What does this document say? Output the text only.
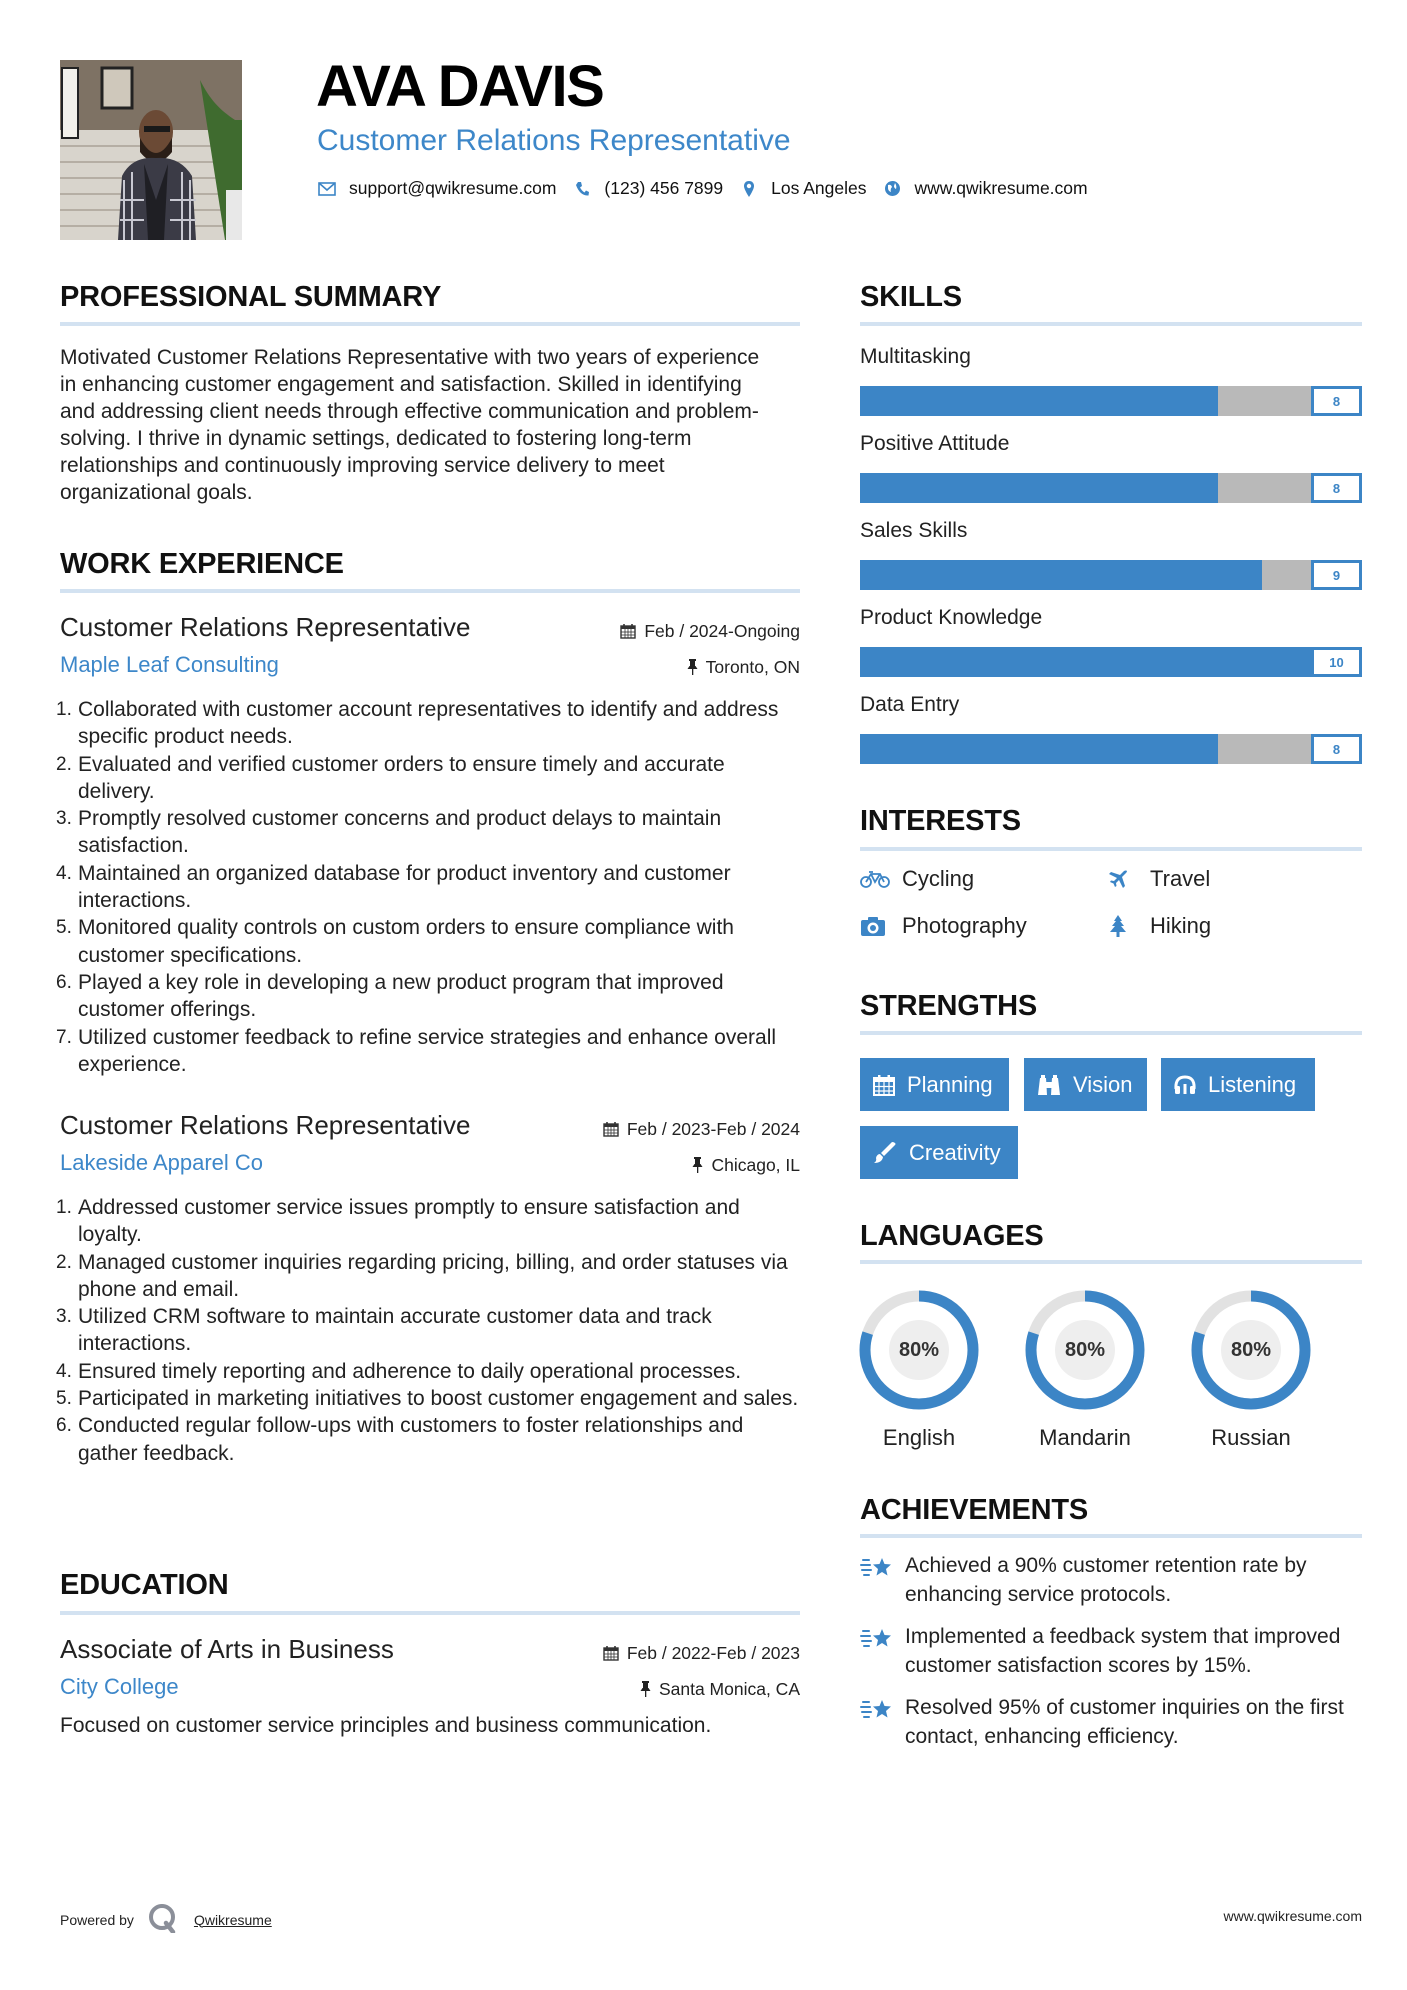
AVA DAVIS
Customer Relations Representative
support@qwikresume.com	(123) 456 7899	Los Angeles	www.qwikresume.com
PROFESSIONAL SUMMARY
Motivated Customer Relations Representative with two years of experience in enhancing customer engagement and satisfaction. Skilled in identifying and addressing client needs through effective communication and problem-solving. I thrive in dynamic settings, dedicated to fostering long-term relationships and continuously improving service delivery to meet organizational goals.
WORK EXPERIENCE
Customer Relations Representative	Feb / 2024-Ongoing
Maple Leaf Consulting	Toronto, ON
1. Collaborated with customer account representatives to identify and address specific product needs.
2. Evaluated and verified customer orders to ensure timely and accurate delivery.
3. Promptly resolved customer concerns and product delays to maintain satisfaction.
4. Maintained an organized database for product inventory and customer interactions.
5. Monitored quality controls on custom orders to ensure compliance with customer specifications.
6. Played a key role in developing a new product program that improved customer offerings.
7. Utilized customer feedback to refine service strategies and enhance overall experience.
Customer Relations Representative	Feb / 2023-Feb / 2024
Lakeside Apparel Co	Chicago, IL
1. Addressed customer service issues promptly to ensure satisfaction and loyalty.
2. Managed customer inquiries regarding pricing, billing, and order statuses via phone and email.
3. Utilized CRM software to maintain accurate customer data and track interactions.
4. Ensured timely reporting and adherence to daily operational processes.
5. Participated in marketing initiatives to boost customer engagement and sales.
6. Conducted regular follow-ups with customers to foster relationships and gather feedback.
EDUCATION
Associate of Arts in Business	Feb / 2022-Feb / 2023
City College	Santa Monica, CA
Focused on customer service principles and business communication.
SKILLS
Multitasking
8
Positive Attitude
8
Sales Skills
9
Product Knowledge
10
Data Entry
8
INTERESTS
Cycling	Travel
Photography	Hiking
STRENGTHS
Planning	Vision	Listening
Creativity
LANGUAGES
80%
English
80%
Mandarin
80%
Russian
ACHIEVEMENTS
Achieved a 90% customer retention rate by enhancing service protocols.
Implemented a feedback system that improved customer satisfaction scores by 15%.
Resolved 95% of customer inquiries on the first contact, enhancing efficiency.
Powered by	Qwikresume	www.qwikresume.com
